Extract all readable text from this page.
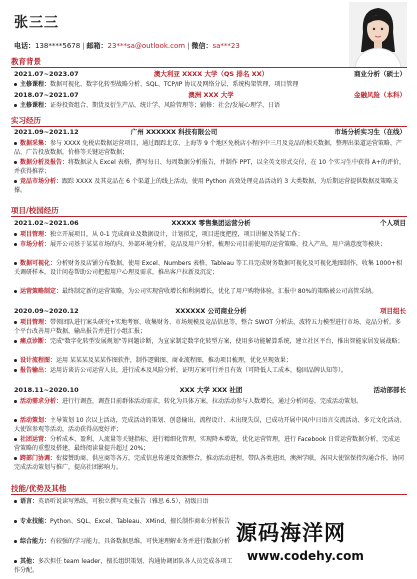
张三三
电话：138****5678 | 邮箱：23***sa@outlook.com | 微信：sa***23
教育背景
2021.07~2023.07	澳大利亚 XXXX 大学（QS 排名 XX）	商业分析（硕士）
主修课程：数据可视化、数字化转型战略分析、SQL、TCP/IP 协议及网络分层、系统构架管理、项目管理
2018.07~2021.07	澳洲 XXX 大学	金融风险（本科）
主修课程：证券投资组合、期货及衍生产品、统计学、风险管理等；辅修：社会/发展心理学、日语
实习经历
2021.09~2021.12	广州 XXXXXX 科技有限公司	市场分析实习生（在线）
数据采集：参与 XXXX 免税店数据运营项目，通过跟踪北京、上海等 9 个地区免税店小程序中三月及竞品的相关数据，整理出渠道运营策略、产品、广告投放数据，价格等关键运营数据；
数据分析及报告：将数据录入 Excel 表格，撰写每日、每周数据分析报告，并制作 PPT，以全英文形式交付，在 10 个实习生中获得 A+的评价，并获得推荐；
竞品市场分析：跟踪 XXXX 及其竞品在 6 个渠道上的线上活动，使用 Python 高效处理竞品活动的 3 大类数据，为后期运营提供数据及策略支撑。
项目/校园经历
2021.02~2021.06	XXXXX 零售集团运营分析	个人项目
项目管理：独立开展项目，从 0-1 完成商业及数据设计，计划拟定，项目进度把控，项目讲解及答疑工作；
市场分析：展开公司基于某某市场的内、外部环境分析，竞品及用户分析，梳理公司目前使用的运营策略、投入产出，用户满意度等模块；
数据可视化：分析财务及店铺分布数据，使用 Excel、Numbers 表格、Tableau 等工具完成财务数据可视化及可视化地图制作，收集 1000+相关调研样本，设计问卷帮助公司把握用户心理及需求，推出客户拉新及沉淀；
运营策略制定：最终制定新的运营策略，为公司实现营收增长和利润增长，优化了用户购物体验，汇报中 80%的策略被公司高管采纳。
2020.09~2020.12	XXXXXX 公司商业分析	项目组长
项目管理：带领团队进行案头研究+实地考察、收集财务、市场规模及竞品信息等，整合 SWOT 分析法、波特五力模型进行市场、竞品分析，多个平台改善用户数据，输出报告并进行小组汇报；
痛点诊断：完成"数字化转型发展规划"等问题诊断，为宣家制定数字化转型方案，使用多功能解算系统，建立社区平台，推出智能家居发展战略；
设计流程图：运用 某某某及某某作图软件，制作逻辑图、商业流程图，推动项目梳理，优化呈现效果；
报告输出：运用访谈访公司运营人员，进行成本及风险分析，证明方案可行并且有效（可降低人工成本，稳固品牌认知等）。
2018.11~2020.10	XXX 大学 XXX 社团	活动部部长
活动需求分析：进行行调查，调查目前群体活动需求，转化为具体方案，拉动活动参与人数增长，通过分析问卷，完成活动策划。
活动策划：主导策划 10 次以上活动，完成活动的策划、创意输出、流程设计、未出现失误，已成功开展中国/中日语言交流活动、多元文化活动、大使馆参观等活动，活动获得高度好评；
社团运营：分析成本、盈利、人流量等关键指标，进行精细化管理，实现降本增效，优化运营管理，进行 Facebook 日常运营数据分析，完成运营策略的重塑及搭建，最终阅读量提升超过 20%；
跨部门协调：衔接赞助商、供应商等各方，完成信息传递及资源整合，推动活动进程，带队各类进团，澳洲学联，各国大使馆保持沟通合作，协同完成活动策划与推广，提高社团影响力。
技能/优势及其他
语言：英语听说读写熟练，可独立撰写英文报告（雅思 6.5），初级日语
专业技能：Python、SQL、Excel、Tableau、XMind，擅长制作商业分析报告
综合能力：有较强的学习能力，具备数据思维，可快速理解业务并进行数据分析
其他：多次担任 team leader，擅长组织策划、沟通协调团队各人员完成各项工作分配。
源码海洋网
www.codehy.com
